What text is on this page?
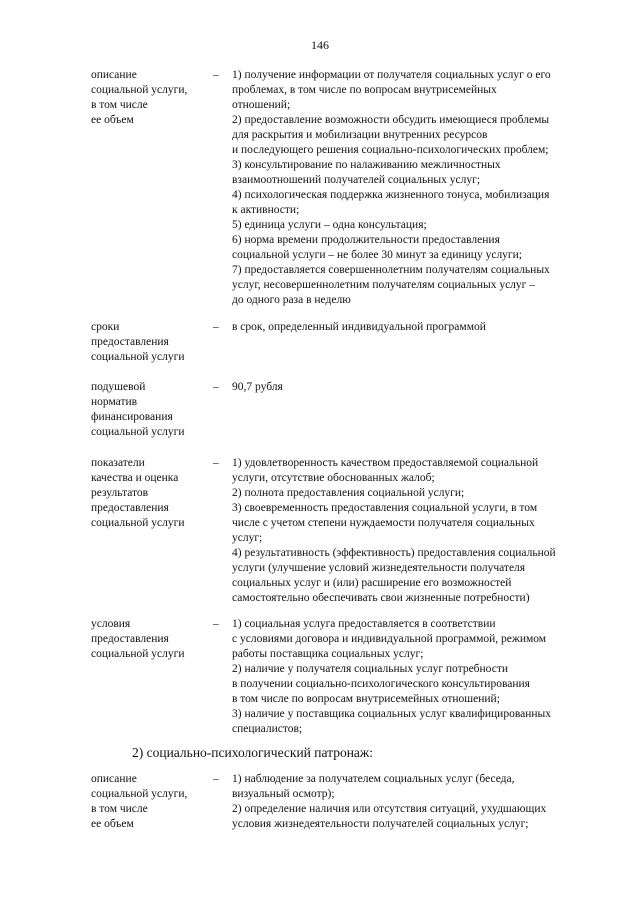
146
описание
социальной услуги,
в том числе
ее объем
– 1) получение информации от получателя социальных услуг о его
проблемах, в том числе по вопросам внутрисемейных
отношений;
2) предоставление возможности обсудить имеющиеся проблемы
для раскрытия и мобилизации внутренних ресурсов
и последующего решения социально-психологических проблем;
3) консультирование по налаживанию межличностных
взаимоотношений получателей социальных услуг;
4) психологическая поддержка жизненного тонуса, мобилизация
к активности;
5) единица услуги – одна консультация;
6) норма времени продолжительности предоставления
социальной услуги – не более 30 минут за единицу услуги;
7) предоставляется совершеннолетним получателям социальных
услуг, несовершеннолетним получателям социальных услуг –
до одного раза в неделю
сроки
предоставления
социальной услуги
– в срок, определенный индивидуальной программой
подушевой
норматив
финансирования
социальной услуги
– 90,7 рубля
показатели
качества и оценка
результатов
предоставления
социальной услуги
– 1) удовлетворенность качеством предоставляемой социальной
услуги, отсутствие обоснованных жалоб;
2) полнота предоставления социальной услуги;
3) своевременность предоставления социальной услуги, в том
числе с учетом степени нуждаемости получателя социальных
услуг;
4) результативность (эффективность) предоставления социальной
услуги (улучшение условий жизнедеятельности получателя
социальных услуг и (или) расширение его возможностей
самостоятельно обеспечивать свои жизненные потребности)
условия
предоставления
социальной услуги
– 1) социальная услуга предоставляется в соответствии
с условиями договора и индивидуальной программой, режимом
работы поставщика социальных услуг;
2) наличие у получателя социальных услуг потребности
в получении социально-психологического консультирования
в том числе по вопросам внутрисемейных отношений;
3) наличие у поставщика социальных услуг квалифицированных
специалистов;
2) социально-психологический патронаж:
описание
социальной услуги,
в том числе
ее объем
– 1) наблюдение за получателем социальных услуг (беседа,
визуальный осмотр);
2) определение наличия или отсутствия ситуаций, ухудшающих
условия жизнедеятельности получателей социальных услуг;
